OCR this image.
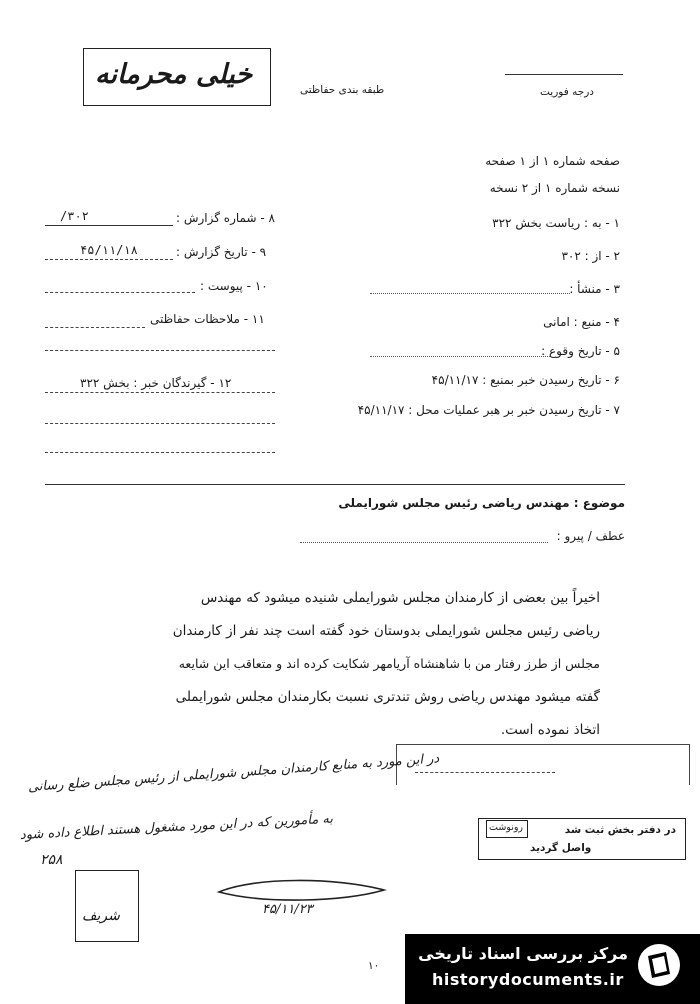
خیلی محرمانه	طبقه بندی حفاظتی	درجه فوریت
صفحه شماره ۱ از ۱ صفحه
نسخه شماره ۱ از ۲ نسخه
۸ - شماره گزارش :
۳۰۲/
۹ - تاریخ گزارش :
۴۵/۱۱/۱۸
۱۰ - پیوست :
۱۱ - ملاحظات حفاظتی
۱۲ - گیرندگان خبر : بخش ۳۲۲
۱ - به : ریاست بخش ۳۲۲
۲ - از : ۳۰۲
۳ - منشأ :
۴ - منبع : امانی
۵ - تاریخ وقوع :
۶ - تاریخ رسیدن خبر بمنبع : ۴۵/۱۱/۱۷
۷ - تاریخ رسیدن خبر بر هبر عملیات محل : ۴۵/۱۱/۱۷
موضوع : مهندس ریاضی رئیس مجلس شورایملی
عطف / پیرو :
اخیراً بین بعضی از کارمندان مجلس شورایملی شنیده میشود که مهندس
ریاضی رئیس مجلس شورایملی بدوستان خود گفته است چند نفر از کارمندان
مجلس از طرز رفتار من با شاهنشاه آریامهر شکایت کرده اند و متعاقب این شایعه
گفته میشود مهندس ریاضی روش تندتری نسبت بکارمندان مجلس شورایملی
اتخاذ نموده است.
در این مورد به منابع کارمندان مجلس شورایملی از رئیس مجلس ضلع رسانی
به مأمورین که در این مورد مشغول هستند اطلاع داده شود
۲۵۸
در دفتر بخش ثبت شد
واصل گردید
رونوشت
۴۵/۱۱/۲۳
شریف
۱۰
مرکز بررسی اسناد تاریخی
historydocuments.ir
